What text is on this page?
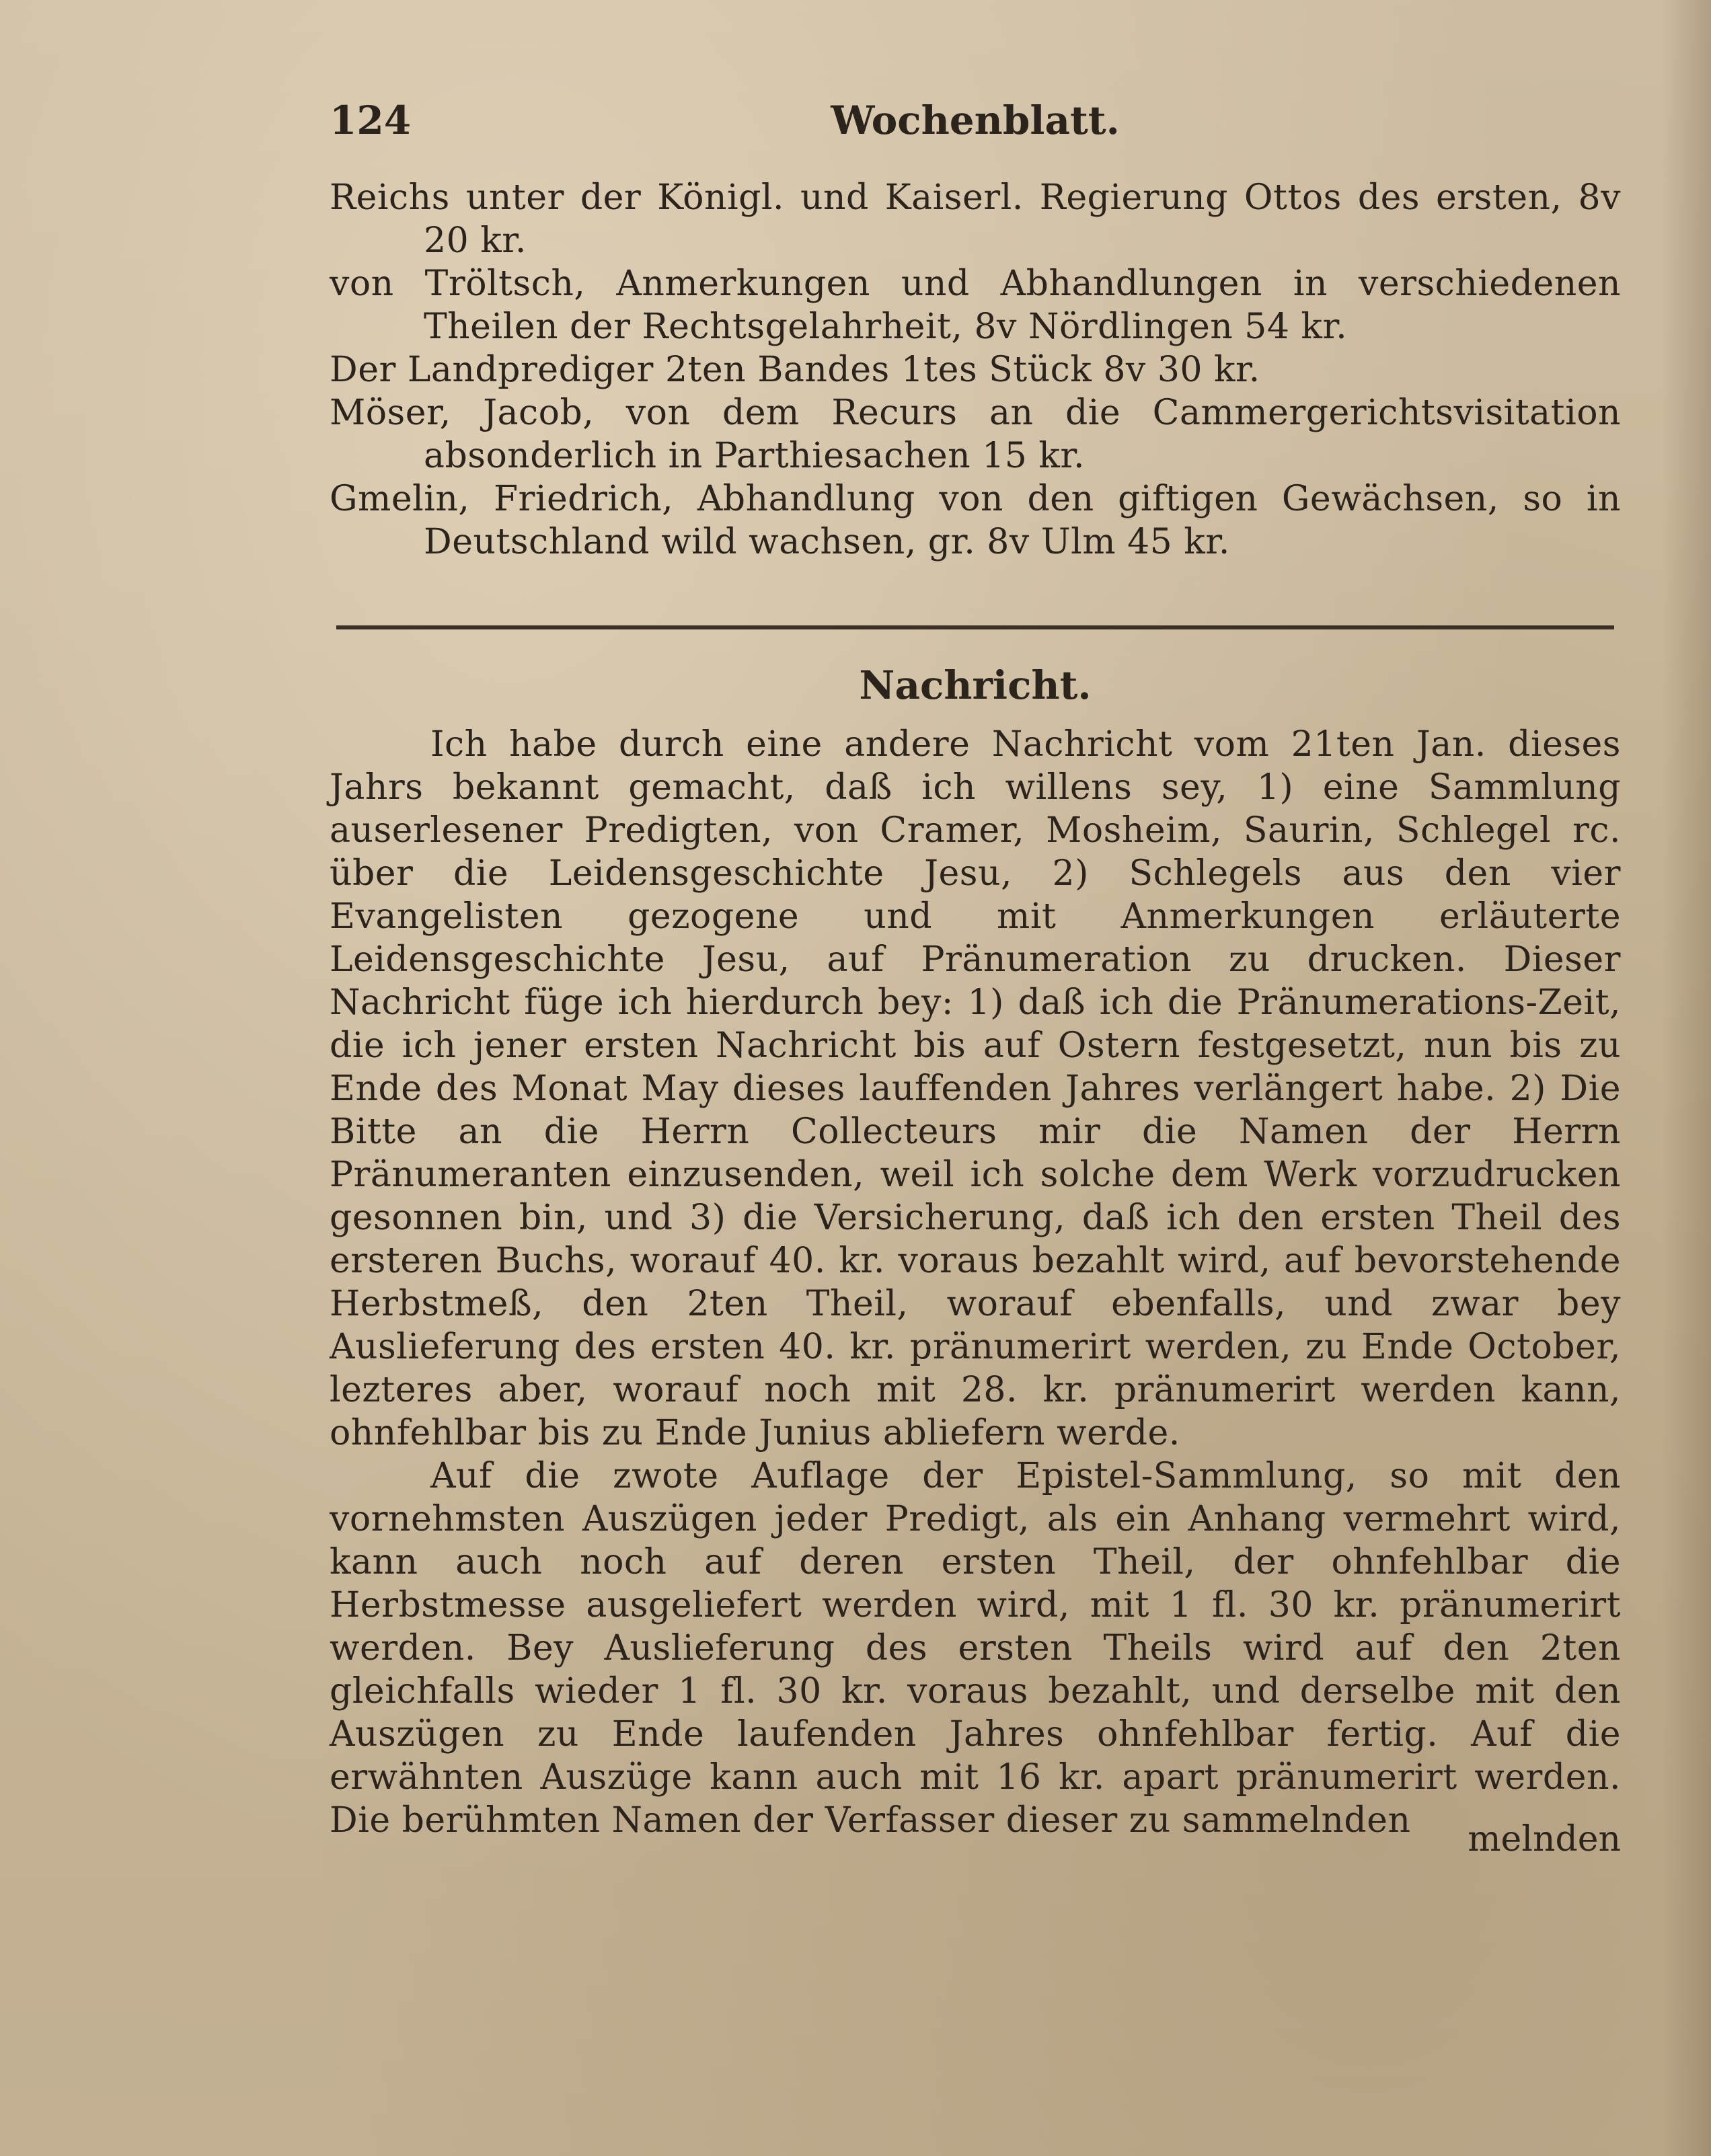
124	Wochenblatt.

Reichs unter der Königl. und Kaiserl. Regierung Ottos des ersten, 8v 20 kr.

von Tröltsch, Anmerkungen und Abhandlungen in verschiedenen Theilen der Rechtsgelahrheit, 8v Nördlingen 54 kr.

Der Landprediger 2ten Bandes 1tes Stück 8v 30 kr.

Möser, Jacob, von dem Recurs an die Cammergerichtsvisitation absonderlich in Parthiesachen 15 kr.

Gmelin, Friedrich, Abhandlung von den giftigen Gewächsen, so in Deutschland wild wachsen, gr. 8v Ulm 45 kr.

Nachricht.

Ich habe durch eine andere Nachricht vom 21ten Jan. dieses Jahrs bekannt gemacht, daß ich willens sey, 1) eine Sammlung auserlesener Predigten, von Cramer, Mosheim, Saurin, Schlegel rc. über die Leidensgeschichte Jesu, 2) Schlegels aus den vier Evangelisten gezogene und mit Anmerkungen erläuterte Leidensgeschichte Jesu, auf Pränumeration zu drucken. Dieser Nachricht füge ich hierdurch bey: 1) daß ich die Pränumerations-Zeit, die ich jener ersten Nachricht bis auf Ostern festgesetzt, nun bis zu Ende des Monat May dieses lauffenden Jahres verlängert habe. 2) Die Bitte an die Herrn Collecteurs mir die Namen der Herrn Pränumeranten einzusenden, weil ich solche dem Werk vorzudrucken gesonnen bin, und 3) die Versicherung, daß ich den ersten Theil des ersteren Buchs, worauf 40. kr. voraus bezahlt wird, auf bevorstehende Herbstmeß, den 2ten Theil, worauf ebenfalls, und zwar bey Auslieferung des ersten 40. kr. pränumerirt werden, zu Ende October, lezteres aber, worauf noch mit 28. kr. pränumerirt werden kann, ohnfehlbar bis zu Ende Junius abliefern werde.

Auf die zwote Auflage der Epistel-Sammlung, so mit den vornehmsten Auszügen jeder Predigt, als ein Anhang vermehrt wird, kann auch noch auf deren ersten Theil, der ohnfehlbar die Herbstmesse ausgeliefert werden wird, mit 1 fl. 30 kr. pränumerirt werden. Bey Auslieferung des ersten Theils wird auf den 2ten gleichfalls wieder 1 fl. 30 kr. voraus bezahlt, und derselbe mit den Auszügen zu Ende laufenden Jahres ohnfehlbar fertig. Auf die erwähnten Auszüge kann auch mit 16 kr. apart pränumerirt werden. Die berühmten Namen der Verfasser dieser zu sammelnden	melnden
